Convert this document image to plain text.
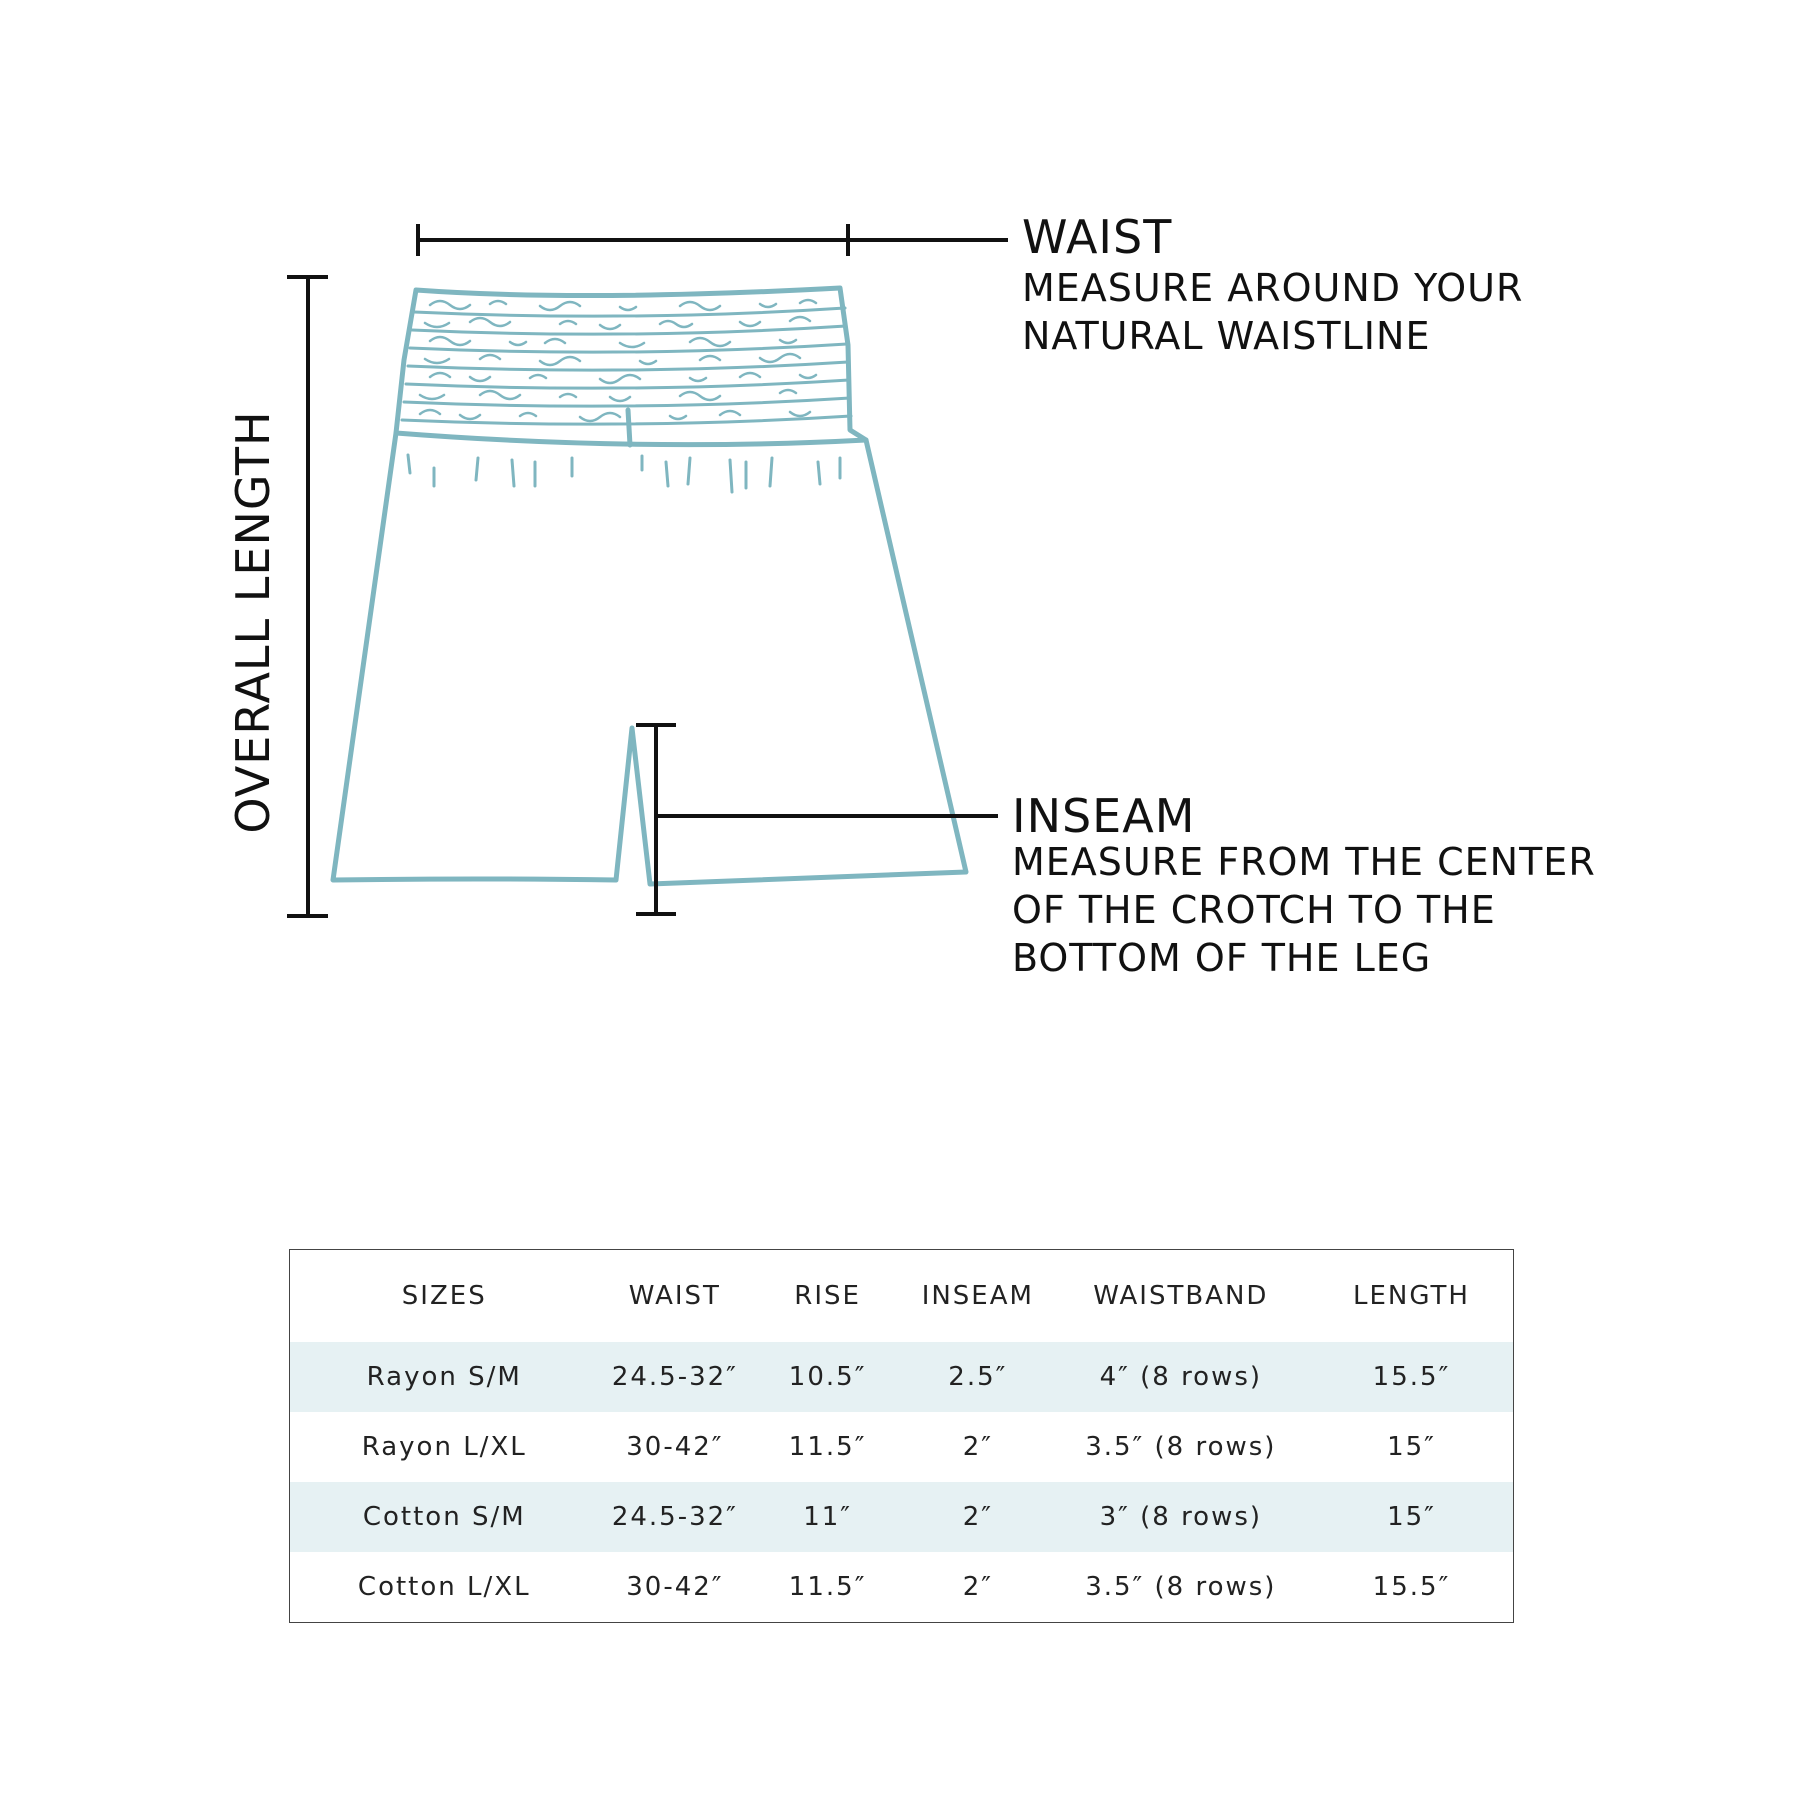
WAIST
MEASURE AROUND YOUR
NATURAL WAISTLINE
INSEAM
MEASURE FROM THE CENTER
OF THE CROTCH TO THE
BOTTOM OF THE LEG
OVERALL LENGTH
SIZES	WAIST	RISE	INSEAM	WAISTBAND	LENGTH
Rayon S/M	24.5-32″	10.5″	2.5″	4″ (8 rows)	15.5″
Rayon L/XL	30-42″	11.5″	2″	3.5″ (8 rows)	15″
Cotton S/M	24.5-32″	11″	2″	3″ (8 rows)	15″
Cotton L/XL	30-42″	11.5″	2″	3.5″ (8 rows)	15.5″
